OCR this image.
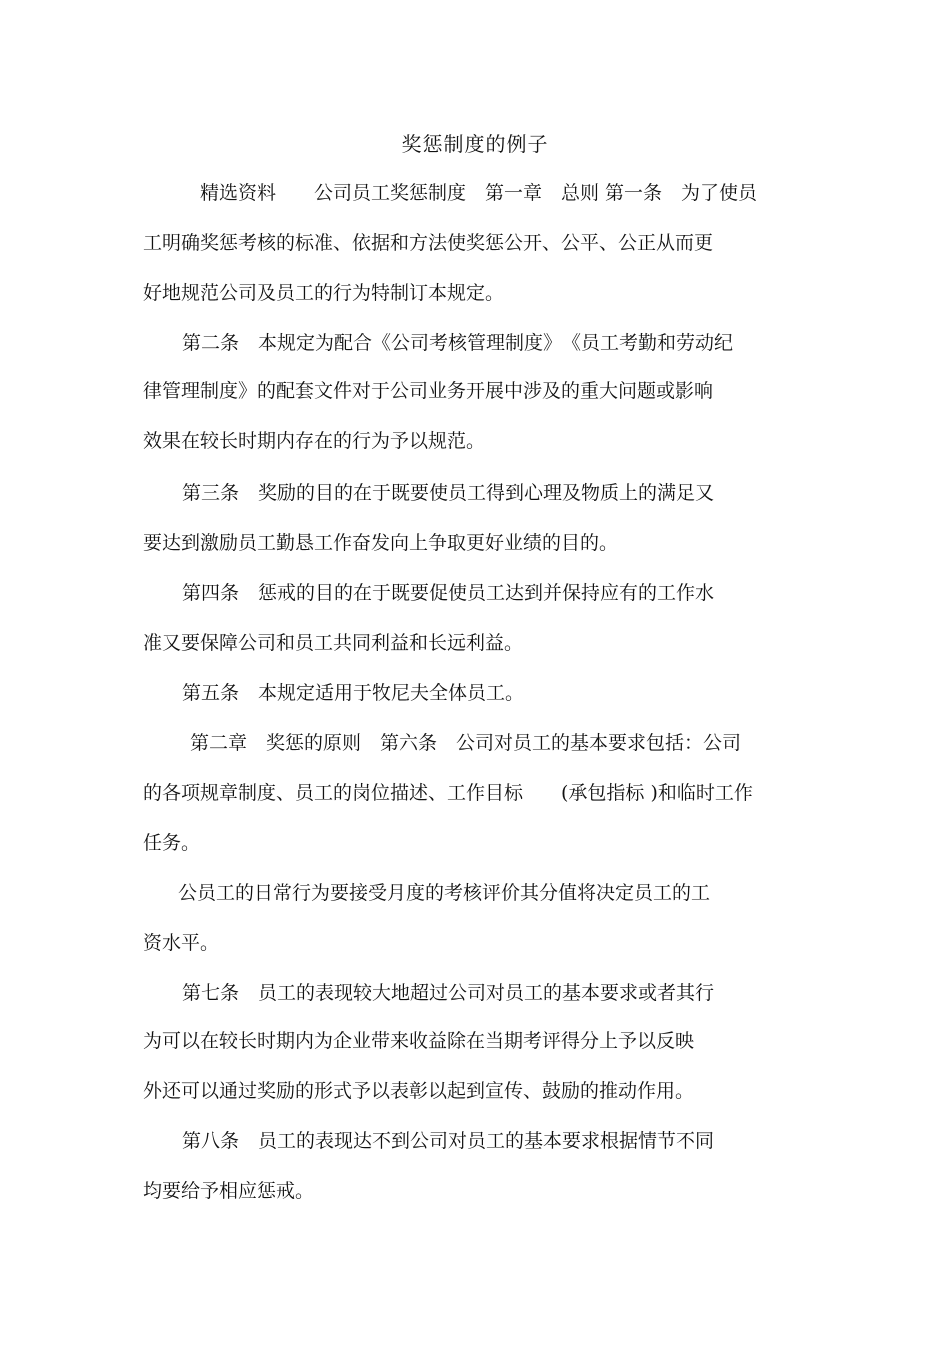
奖惩制度的例子
精选资料　　公司员工奖惩制度　第一章　总则 第一条　为了使员
工明确奖惩考核的标准、依据和方法使奖惩公开、公平、公正从而更
好地规范公司及员工的行为特制订本规定。
第二条　本规定为配合《公司考核管理制度》　《员工考勤和劳动纪
律管理制度》的配套文件对于公司业务开展中涉及的重大问题或影响
效果在较长时期内存在的行为予以规范。
第三条　奖励的目的在于既要使员工得到心理及物质上的满足又
要达到激励员工勤恳工作奋发向上争取更好业绩的目的。
第四条　惩戒的目的在于既要促使员工达到并保持应有的工作水
准又要保障公司和员工共同利益和长远利益。
第五条　本规定适用于牧尼夫全体员工。
第二章　奖惩的原则　第六条　公司对员工的基本要求包括：公司
的各项规章制度、员工的岗位描述、工作目标　　(承包指标 )和临时工作
任务。
公员工的日常行为要接受月度的考核评价其分值将决定员工的工
资水平。
第七条　员工的表现较大地超过公司对员工的基本要求或者其行
为可以在较长时期内为企业带来收益除在当期考评得分上予以反映
外还可以通过奖励的形式予以表彰以起到宣传、鼓励的推动作用。
第八条　员工的表现达不到公司对员工的基本要求根据情节不同
均要给予相应惩戒。
